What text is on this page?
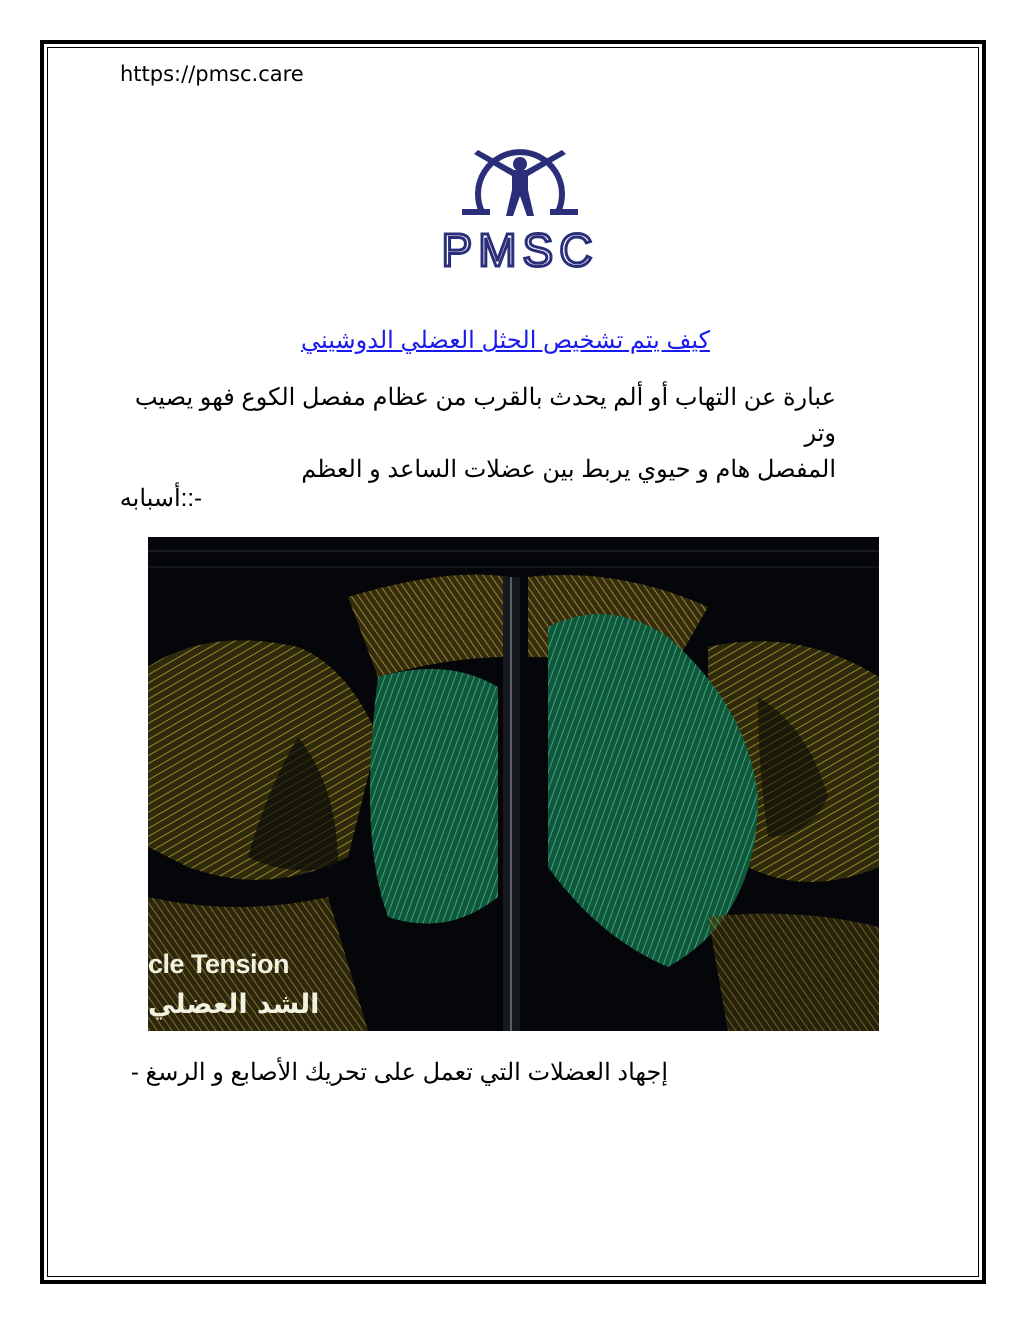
https://pmsc.care
PMSC
كيف يتم تشخيص الحثل العضلي الدوشيني
عبارة عن التهاب أو ألم يحدث بالقرب من عظام مفصل الكوع فهو يصيب وتر
المفصل هام و حيوي يربط بين عضلات الساعد و العظم
-::أسبابه
cle Tension
الشد العضلي
إجهاد العضلات التي تعمل على تحريك الأصابع و الرسغ -
